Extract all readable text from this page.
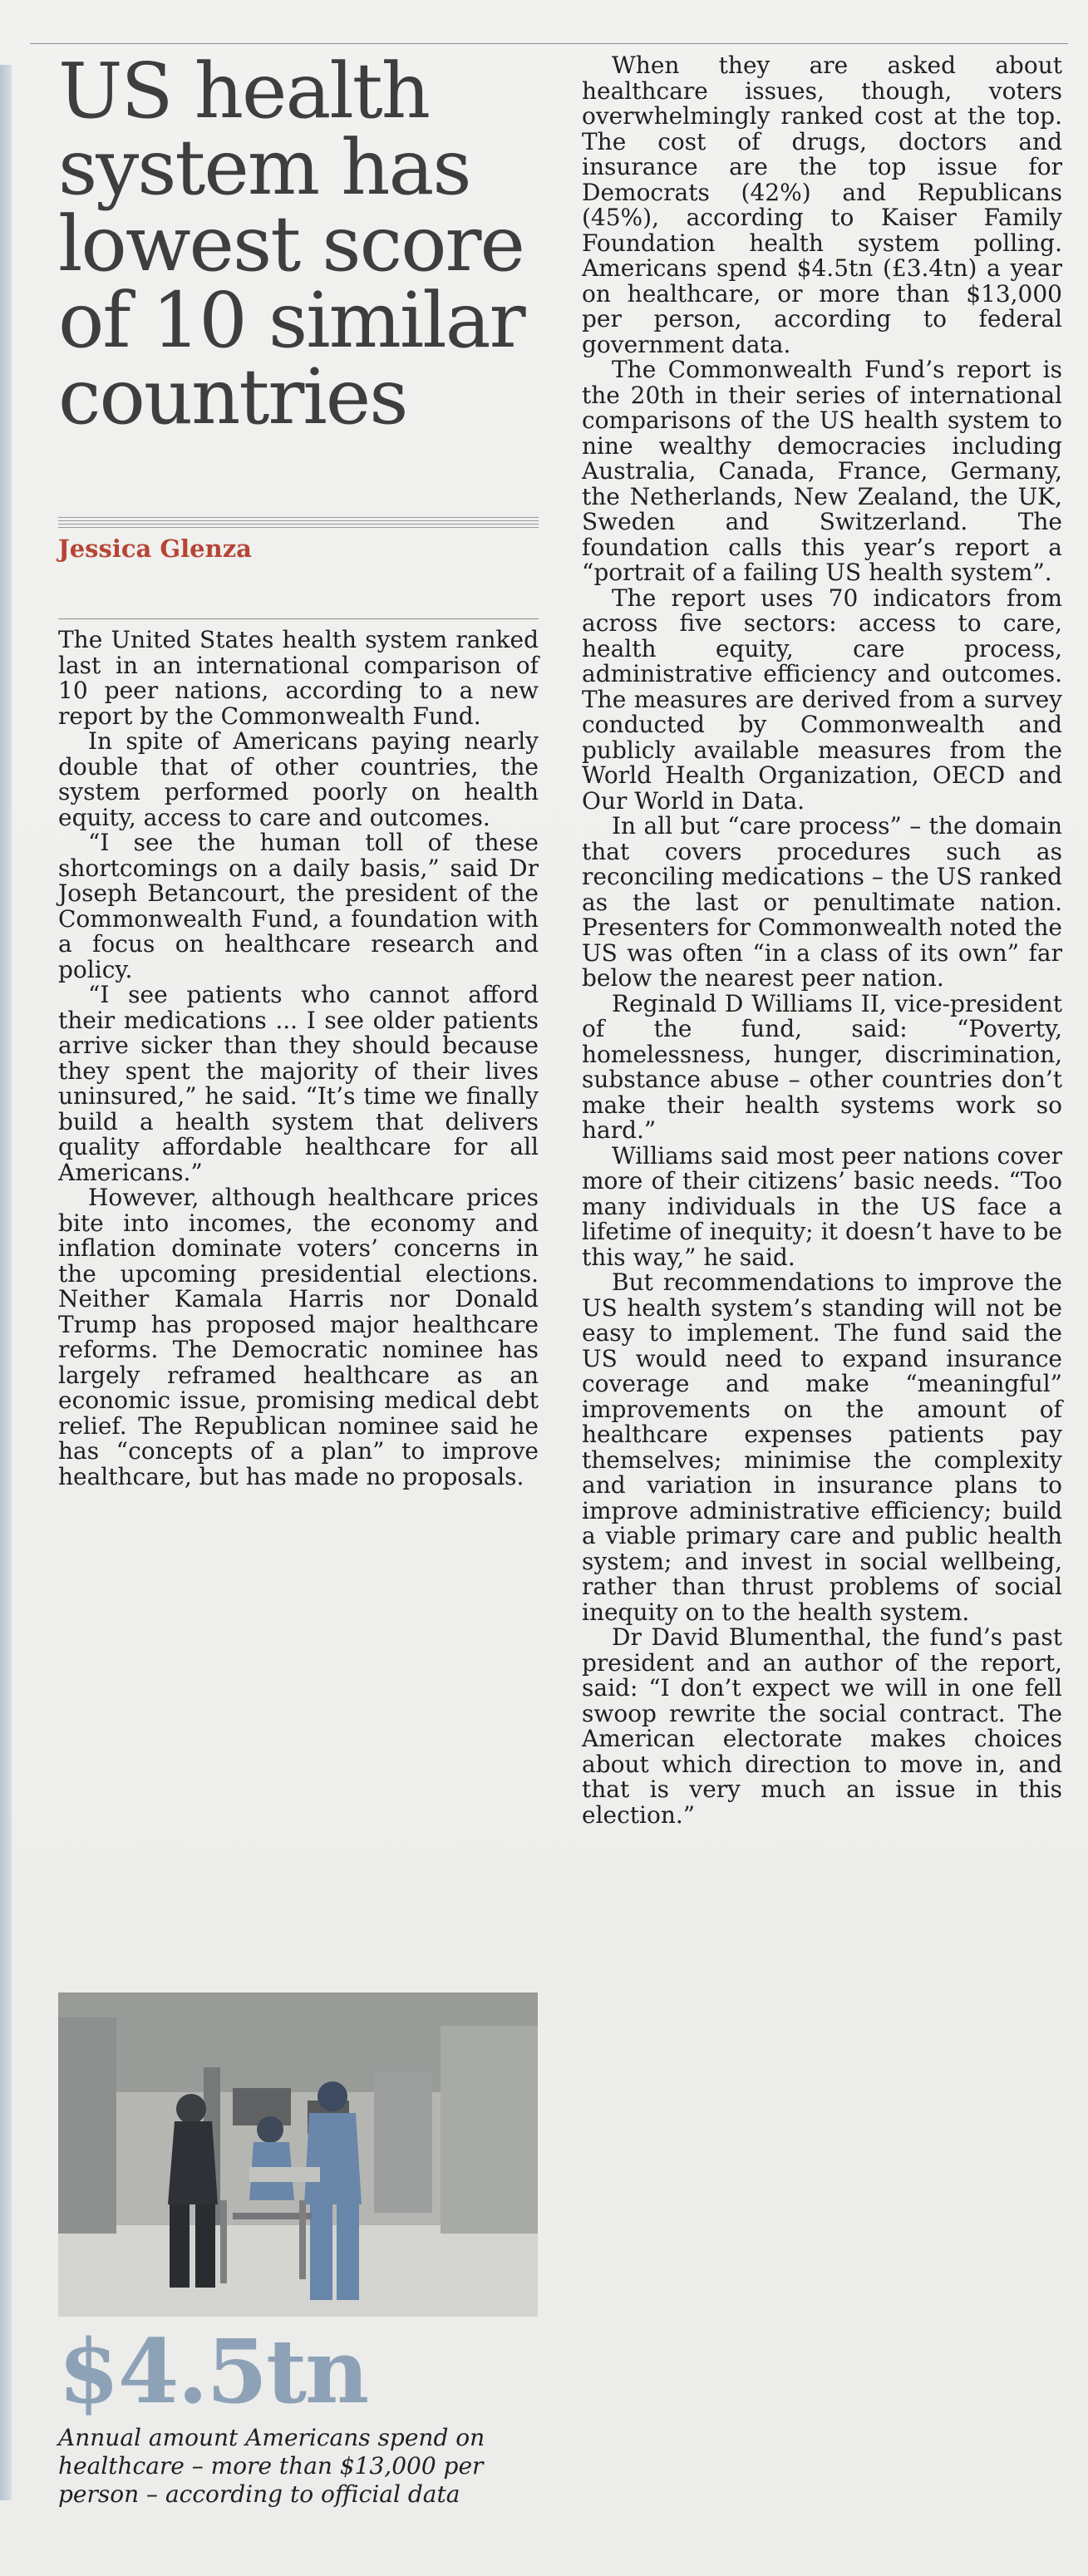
US health system has lowest score of 10 similar countries
Jessica Glenza

The United States health system ranked last in an international comparison of 10 peer nations, according to a new report by the Commonwealth Fund.

In spite of Americans paying nearly double that of other countries, the system performed poorly on health equity, access to care and outcomes.

“I see the human toll of these shortcomings on a daily basis,” said Dr Joseph Betancourt, the president of the Commonwealth Fund, a foundation with a focus on healthcare research and policy.

“I see patients who cannot afford their medications ... I see older patients arrive sicker than they should because they spent the majority of their lives uninsured,” he said. “It’s time we finally build a health system that delivers quality affordable healthcare for all Americans.”

However, although healthcare prices bite into incomes, the economy and inflation dominate voters’ concerns in the upcoming presidential elections. Neither Kamala Harris nor Donald Trump has proposed major healthcare reforms. The Democratic nominee has largely reframed healthcare as an economic issue, promising medical debt relief. The Republican nominee said he has “concepts of a plan” to improve healthcare, but has made no proposals.

$4.5tn
Annual amount Americans spend on healthcare – more than $13,000 per person – according to official data

When they are asked about healthcare issues, though, voters overwhelmingly ranked cost at the top. The cost of drugs, doctors and insurance are the top issue for Democrats (42%) and Republicans (45%), according to Kaiser Family Foundation health system polling. Americans spend $4.5tn (£3.4tn) a year on healthcare, or more than $13,000 per person, according to federal government data.

The Commonwealth Fund’s report is the 20th in their series of international comparisons of the US health system to nine wealthy democracies including Australia, Canada, France, Germany, the Netherlands, New Zealand, the UK, Sweden and Switzerland. The foundation calls this year’s report a “portrait of a failing US health system”.

The report uses 70 indicators from across five sectors: access to care, health equity, care process, administrative efficiency and outcomes. The measures are derived from a survey conducted by Commonwealth and publicly available measures from the World Health Organization, OECD and Our World in Data.

In all but “care process” – the domain that covers procedures such as reconciling medications – the US ranked as the last or penultimate nation. Presenters for Commonwealth noted the US was often “in a class of its own” far below the nearest peer nation.

Reginald D Williams II, vice-president of the fund, said: “Poverty, homelessness, hunger, discrimination, substance abuse – other countries don’t make their health systems work so hard.”

Williams said most peer nations cover more of their citizens’ basic needs. “Too many individuals in the US face a lifetime of inequity; it doesn’t have to be this way,” he said.

But recommendations to improve the US health system’s standing will not be easy to implement. The fund said the US would need to expand insurance coverage and make “meaningful” improvements on the amount of healthcare expenses patients pay themselves; minimise the complexity and variation in insurance plans to improve administrative efficiency; build a viable primary care and public health system; and invest in social wellbeing, rather than thrust problems of social inequity on to the health system.

Dr David Blumenthal, the fund’s past president and an author of the report, said: “I don’t expect we will in one fell swoop rewrite the social contract. The American electorate makes choices about which direction to move in, and that is very much an issue in this election.”
